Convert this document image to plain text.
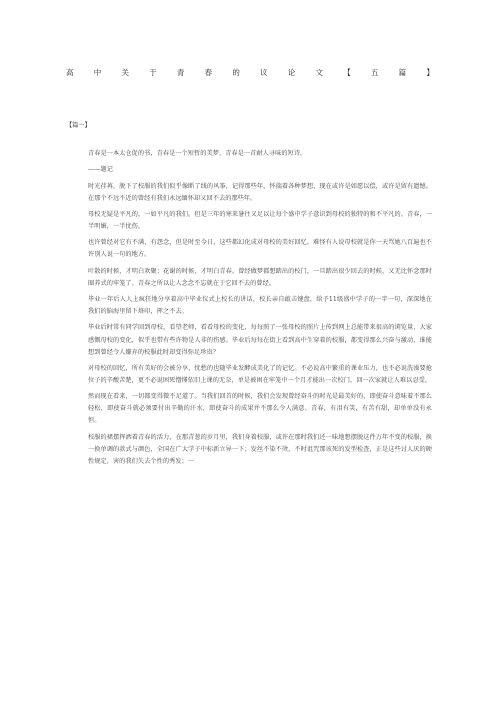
高	中	关	于	青	春	的	议	论	文	【	五	篇	】
【篇一】

青春是一本太仓促的书，青春是一个短暂的美梦，青春是一首耐人寻味的短诗。

——题记

时光荏苒，脱下了校服的我们似乎像断了线的风筝，记得那些年，怀揣着各种梦想，现在或许是如愿以偿，或许是留有遗憾。在那个不远不近的曾经有我们永远缅怀却又回不去的那些年。

母校无疑是平凡的，一如平凡的我们。但是三年的寒来暑往又足以让每个盛中学子意识到母校的独特的和不平凡的。青春，一半明媚，一半忧伤。

也许曾经对它有不满，有怨念，但是时至今日，这些都幻化成对母校的美好回忆。难怪有人说母校就是你一天骂她八百遍也不许别人说一句的地方。

叶散的时候，才明白欢聚；花谢的时候，才明白青春。曾经做梦都想踏出的校门，一旦踏出很少回去的时候，又无比怀念那时圈养式的牢笼了。青春之所以让人念念不忘就在于它回不去的曾经。

毕业一年后人人上疯狂地分享着高中毕业仪式上校长的讲话，校长亲自敲击键盘，给予11级盛中学子的一字一句，深深地在我们的脑海里留下烙印，挥之不去。

毕业后时常有同学回到母校，看望老师，看看母校的变化，每每照了一张母校的照片上传到网上总能带来很高的浏览量，大家感慨母校的变化，似乎也带有些许物是人非的伤感。毕业后每每在街上看到高中生穿着的校服，都变得那么兴奋与激动，谁能想到曾经令人嫌弃的校服此时却变得弥足珍贵？

对母校的回忆，所有美好的会被分享，忧愁的也随毕业发酵成美化了的记忆。不必说高中繁重的课业压力，也不必说洗澡要抢位子的辛酸苦楚，更不必说困死憎懂依旧上课的无奈，单是被困在牢笼中一个月才能出一次校门，回一次家就让人难以忍受。

然而现在看来，一切都变得微不足道了。当我们回首的时候，我们会发现曾经奋斗的时光是最美好的，即使奋斗意味着不那么轻松，即使奋斗就必须要付出辛勤的汗水，即使奋斗的成果并不那么令人满意。青春，有泪有笑，有苦有甜，却单单没有永恒。

校服的裙摆挥洒着青春的活力，在那青葱的岁月里，我们身着校服，或许在那时我们还一味地想摆脱这件万年不变的校服，换一换单调的款式与颜色，全国在广大学子中标新立异一下；发丝不染不烫，不时诅咒那该死的发型检查，正是这些讨人厌的硬性规定，害的我们失去个性的秀发；一
